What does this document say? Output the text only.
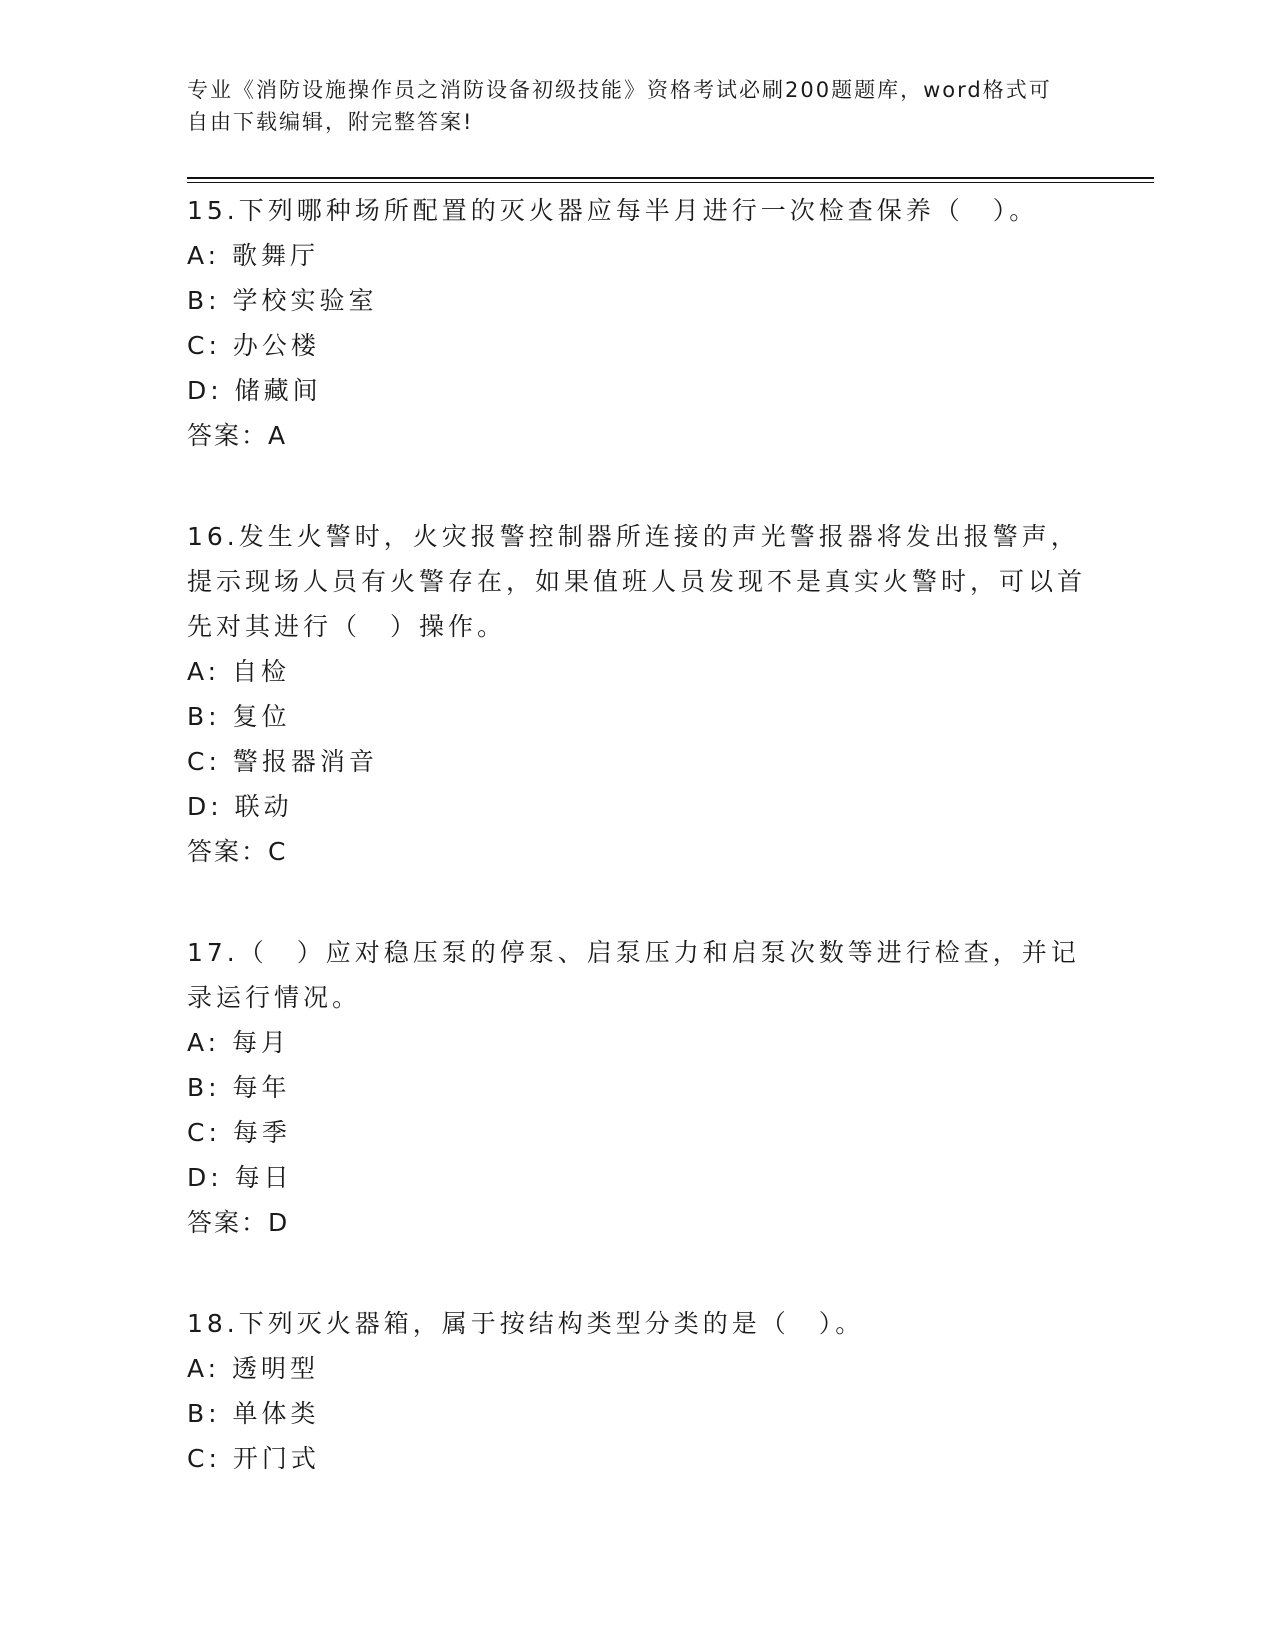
专业《消防设施操作员之消防设备初级技能》资格考试必刷200题题库，word格式可自由下载编辑，附完整答案!

15.下列哪种场所配置的灭火器应每半月进行一次检查保养（　）。

A: 歌舞厅

B: 学校实验室

C: 办公楼

D: 储藏间

答案：A

16.发生火警时，火灾报警控制器所连接的声光警报器将发出报警声，提示现场人员有火警存在，如果值班人员发现不是真实火警时，可以首先对其进行（　）操作。

A: 自检

B: 复位

C: 警报器消音

D: 联动

答案：C

17.（　）应对稳压泵的停泵、启泵压力和启泵次数等进行检查，并记录运行情况。

A: 每月

B: 每年

C: 每季

D: 每日

答案：D

18.下列灭火器箱，属于按结构类型分类的是（　）。

A: 透明型

B: 单体类

C: 开门式
